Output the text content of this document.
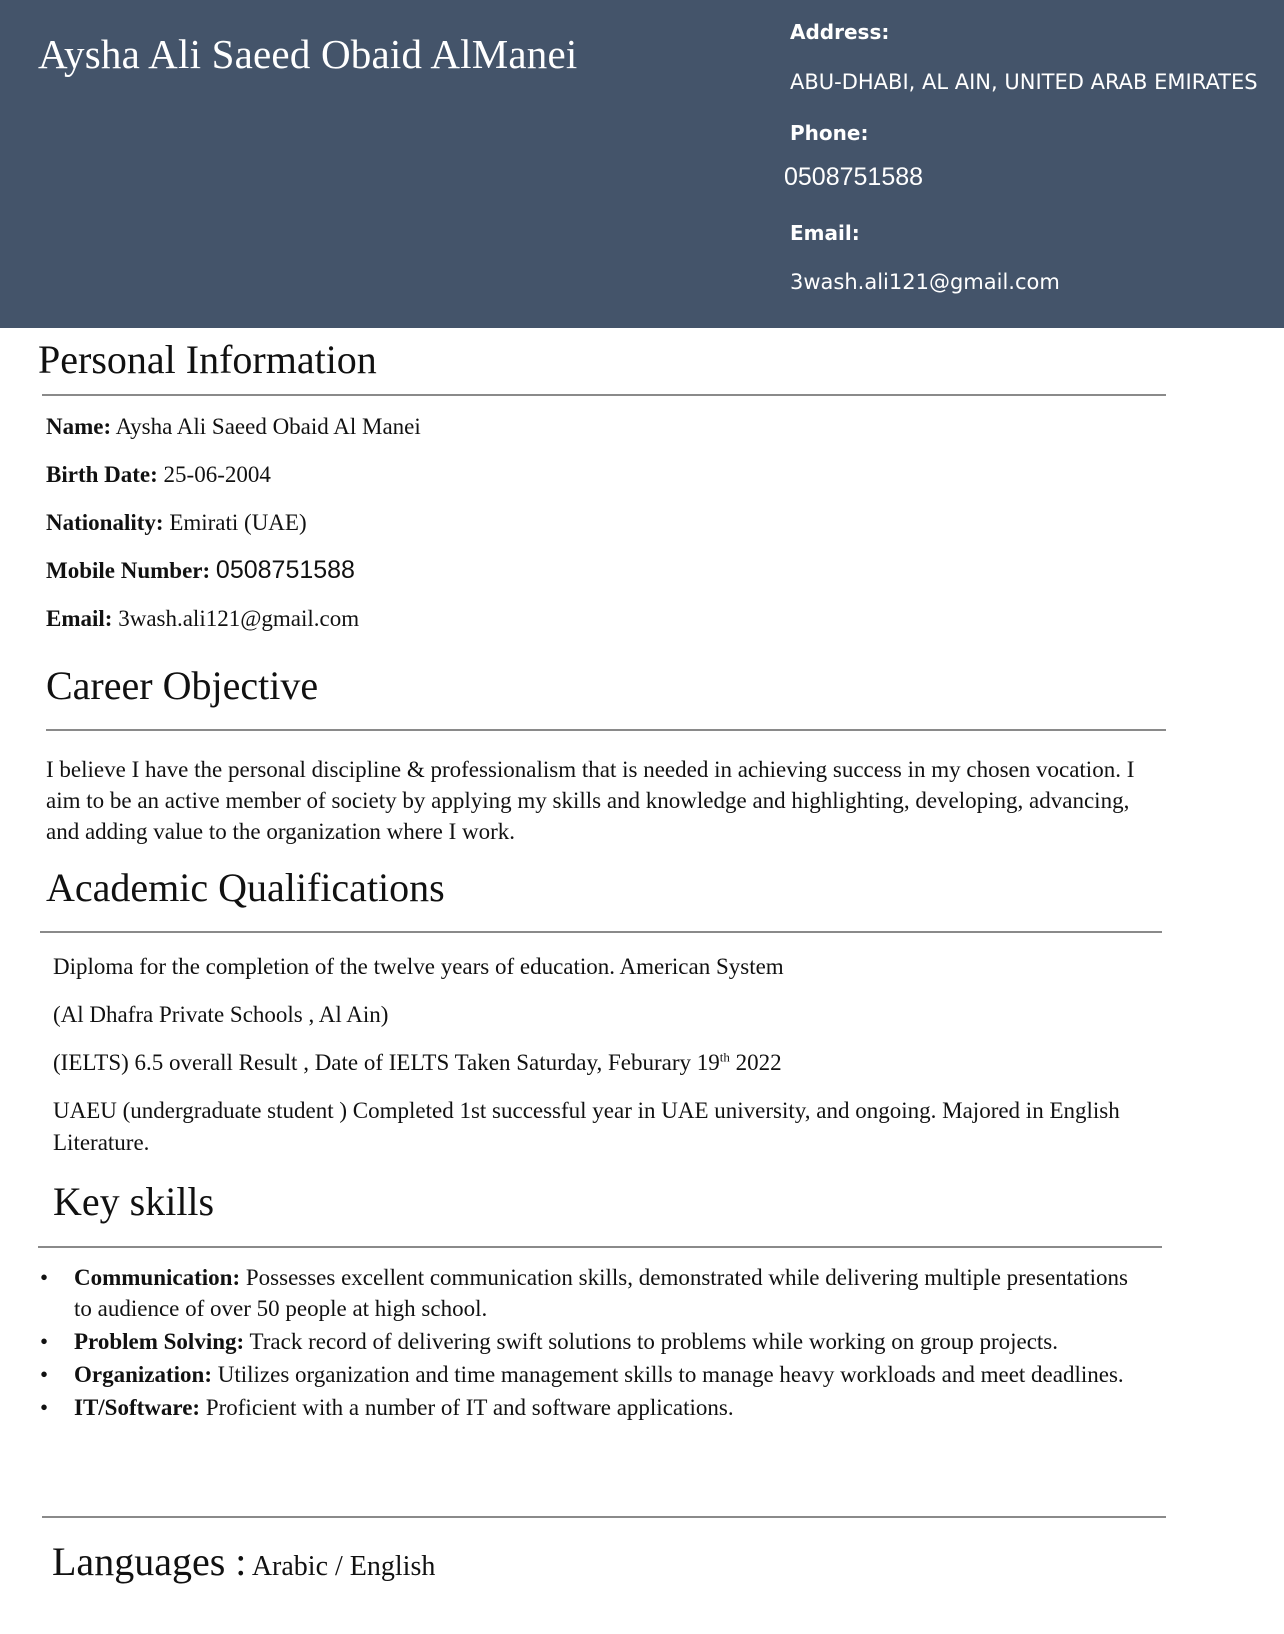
Aysha Ali Saeed Obaid AlManei	Address:
ABU-DHABI, AL AIN, UNITED ARAB EMIRATES
Phone:
0508751588
Email:
3wash.ali121@gmail.com
Personal Information
Name: Aysha Ali Saeed Obaid Al Manei
Birth Date: 25-06-2004
Nationality: Emirati (UAE)
Mobile Number: 0508751588
Email: 3wash.ali121@gmail.com
Career Objective
I believe I have the personal discipline & professionalism that is needed in achieving success in my chosen vocation. I aim to be an active member of society by applying my skills and knowledge and highlighting, developing, advancing, and adding value to the organization where I work.
Academic Qualifications
Diploma for the completion of the twelve years of education. American System
(Al Dhafra Private Schools , Al Ain)
(IELTS) 6.5 overall Result , Date of IELTS Taken Saturday, Feburary 19th 2022
UAEU (undergraduate student ) Completed 1st successful year in UAE university, and ongoing. Majored in English Literature.
Key skills
• Communication: Possesses excellent communication skills, demonstrated while delivering multiple presentations to audience of over 50 people at high school.
• Problem Solving: Track record of delivering swift solutions to problems while working on group projects.
• Organization: Utilizes organization and time management skills to manage heavy workloads and meet deadlines.
• IT/Software: Proficient with a number of IT and software applications.
Languages : Arabic / English
